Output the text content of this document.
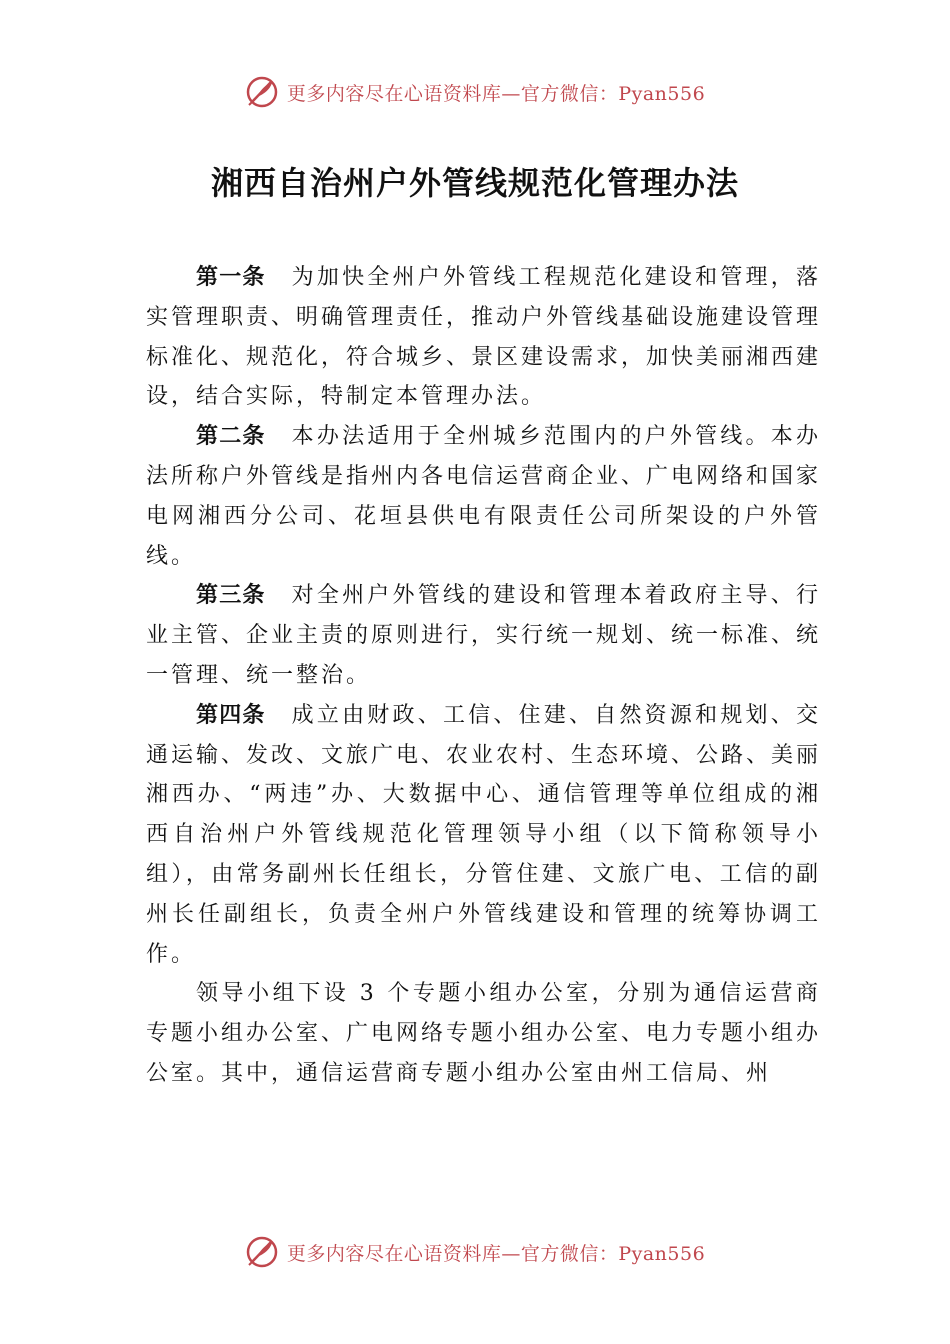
更多内容尽在心语资料库—官方微信：Pyan556
湘西自治州户外管线规范化管理办法

第一条 为加快全州户外管线工程规范化建设和管理，落实管理职责、明确管理责任，推动户外管线基础设施建设管理标准化、规范化，符合城乡、景区建设需求，加快美丽湘西建设，结合实际，特制定本管理办法。

第二条 本办法适用于全州城乡范围内的户外管线。本办法所称户外管线是指州内各电信运营商企业、广电网络和国家电网湘西分公司、花垣县供电有限责任公司所架设的户外管线。

第三条 对全州户外管线的建设和管理本着政府主导、行业主管、企业主责的原则进行，实行统一规划、统一标准、统一管理、统一整治。

第四条 成立由财政、工信、住建、自然资源和规划、交通运输、发改、文旅广电、农业农村、生态环境、公路、美丽湘西办、“两违”办、大数据中心、通信管理等单位组成的湘西自治州户外管线规范化管理领导小组（以下简称领导小组），由常务副州长任组长，分管住建、文旅广电、工信的副州长任副组长，负责全州户外管线建设和管理的统筹协调工作。

领导小组下设 3 个专题小组办公室，分别为通信运营商专题小组办公室、广电网络专题小组办公室、电力专题小组办公室。其中，通信运营商专题小组办公室由州工信局、州

更多内容尽在心语资料库—官方微信：Pyan556
